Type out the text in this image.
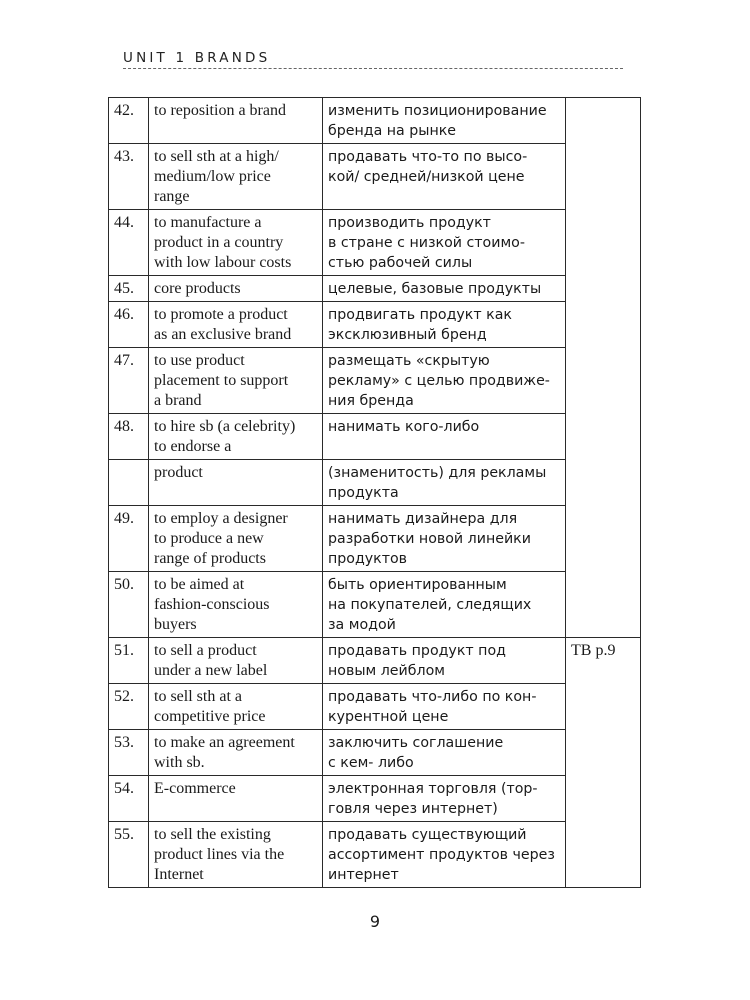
UNIT 1 BRANDS
42.	to reposition a brand	изменить позиционирование
бренда на рынке	
43.	to sell sth at a high/
medium/low price
range	продавать что-то по высо-
кой/ средней/низкой цене	
44.	to manufacture a
product in a country
with low labour costs	производить продукт
в стране с низкой стоимо-
стью рабочей силы	
45.	core products	целевые, базовые продукты	
46.	to promote a product
as an exclusive brand	продвигать продукт как
эксклюзивный бренд	
47.	to use product
placement to support
a brand	размещать «скрытую
рекламу» с целью продвиже-
ния бренда	
48.	to hire sb (a celebrity)
to endorse a	нанимать кого-либо	
	product	(знаменитость) для рекламы
продукта	
49.	to employ a designer
to produce a new
range of products	нанимать дизайнера для
разработки новой линейки
продуктов	
50.	to be aimed at
fashion-conscious
buyers	быть ориентированным
на покупателей, следящих
за модой	
51.	to sell a product
under a new label	продавать продукт под
новым лейблом	TB p.9
52.	to sell sth at a
competitive price	продавать что-либо по кон-
курентной цене	
53.	to make an agreement
with sb.	заключить соглашение
с кем- либо	
54.	E-commerce	электронная торговля (тор-
говля через интернет)	
55.	to sell the existing
product lines via the
Internet	продавать существующий
ассортимент продуктов через
интернет	
9
